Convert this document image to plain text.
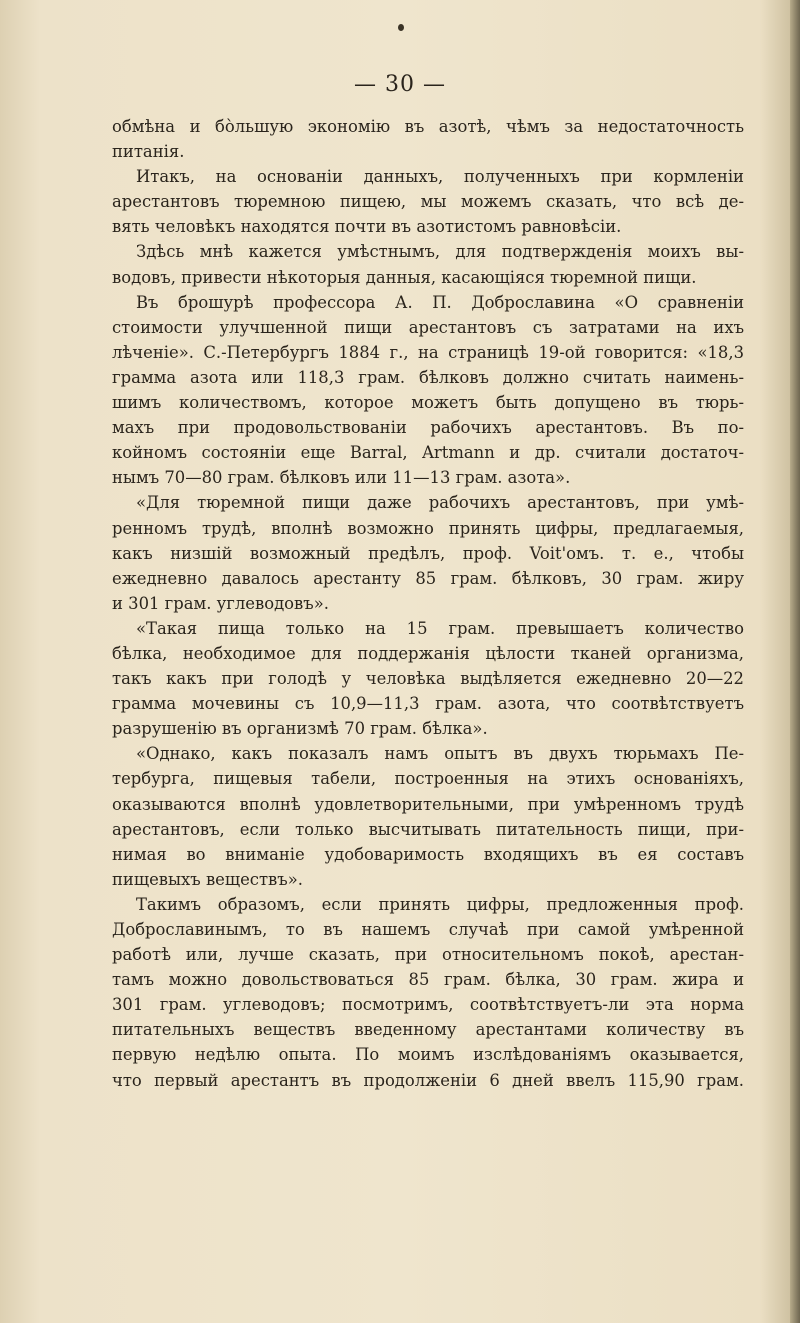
— 30 —
обмѣна и бо̀льшую экономію въ азотѣ, чѣмъ за недостаточность
питанія.
Итакъ, на основаніи данныхъ, полученныхъ при кормленіи
арестантовъ тюремною пищею, мы можемъ сказать, что всѣ де-
вять человѣкъ находятся почти въ азотистомъ равновѣсіи.
Здѣсь мнѣ кажется умѣстнымъ, для подтвержденія моихъ вы-
водовъ, привести нѣкоторыя данныя, касающіяся тюремной пищи.
Въ брошурѣ профессора А. П. Доброславина «О сравненіи
стоимости улучшенной пищи арестантовъ съ затратами на ихъ
лѣченіе». С.-Петербургъ 1884 г., на страницѣ 19-ой говорится: «18,3
грамма азота или 118,3 грам. бѣлковъ должно считать наимень-
шимъ количествомъ, которое можетъ быть допущено въ тюрь-
махъ при продовольствованіи рабочихъ арестантовъ. Въ по-
койномъ состояніи еще Barral, Artmann и др. считали достаточ-
нымъ 70—80 грам. бѣлковъ или 11—13 грам. азота».
«Для тюремной пищи даже рабочихъ арестантовъ, при умѣ-
ренномъ трудѣ, вполнѣ возможно принять цифры, предлагаемыя,
какъ низшій возможный предѣлъ, проф. Voit'омъ. т. е., чтобы
ежедневно давалось арестанту 85 грам. бѣлковъ, 30 грам. жиру
и 301 грам. углеводовъ».
«Такая пища только на 15 грам. превышаетъ количество
бѣлка, необходимое для поддержанія цѣлости тканей организма,
такъ какъ при голодѣ у человѣка выдѣляется ежедневно 20—22
грамма мочевины съ 10,9—11,3 грам. азота, что соотвѣтствуетъ
разрушенію въ организмѣ 70 грам. бѣлка».
«Однако, какъ показалъ намъ опытъ въ двухъ тюрьмахъ Пе-
тербурга, пищевыя табели, построенныя на этихъ основаніяхъ,
оказываются вполнѣ удовлетворительными, при умѣренномъ трудѣ
арестантовъ, если только высчитывать питательность пищи, при-
нимая во вниманіе удобоваримость входящихъ въ ея составъ
пищевыхъ веществъ».
Такимъ образомъ, если принять цифры, предложенныя проф.
Доброславинымъ, то въ нашемъ случаѣ при самой умѣренной
работѣ или, лучше сказать, при относительномъ покоѣ, арестан-
тамъ можно довольствоваться 85 грам. бѣлка, 30 грам. жира и
301 грам. углеводовъ; посмотримъ, соотвѣтствуетъ-ли эта норма
питательныхъ веществъ введенному арестантами количеству въ
первую недѣлю опыта. По моимъ изслѣдованіямъ оказывается,
что первый арестантъ въ продолженіи 6 дней ввелъ 115,90 грам.
